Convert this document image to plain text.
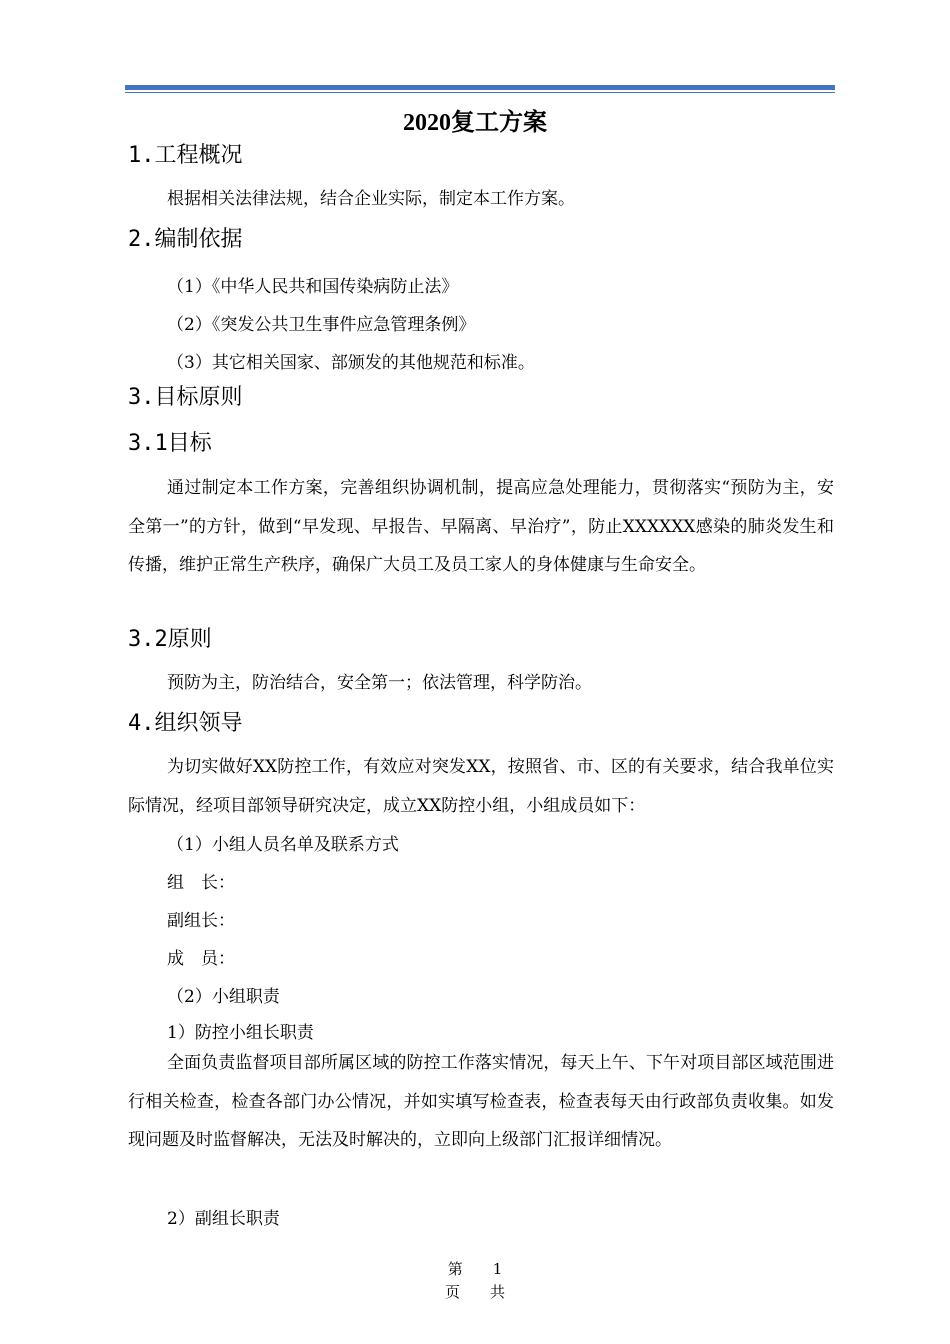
2020复工方案
1.工程概况
根据相关法律法规，结合企业实际，制定本工作方案。
2.编制依据
（1）《中华人民共和国传染病防止法》
（2）《突发公共卫生事件应急管理条例》
（3）其它相关国家、部颁发的其他规范和标准。
3.目标原则
3.1目标
通过制定本工作方案，完善组织协调机制，提高应急处理能力，贯彻落实“预防为主，安全第一”的方针，做到“早发现、早报告、早隔离、早治疗”，防止XXXXXX感染的肺炎发生和传播，维护正常生产秩序，确保广大员工及员工家人的身体健康与生命安全。
3.2原则
预防为主，防治结合，安全第一；依法管理，科学防治。
4.组织领导
为切实做好XX防控工作，有效应对突发XX，按照省、市、区的有关要求，结合我单位实际情况，经项目部领导研究决定，成立XX防控小组，小组成员如下：
（1）小组人员名单及联系方式
组　长：
副组长：
成　员：
（2）小组职责
1）防控小组长职责
全面负责监督项目部所属区域的防控工作落实情况，每天上午、下午对项目部区域范围进行相关检查，检查各部门办公情况，并如实填写检查表，检查表每天由行政部负责收集。如发现问题及时监督解决，无法及时解决的，立即向上级部门汇报详细情况。
2）副组长职责
第　　1
页　　共
